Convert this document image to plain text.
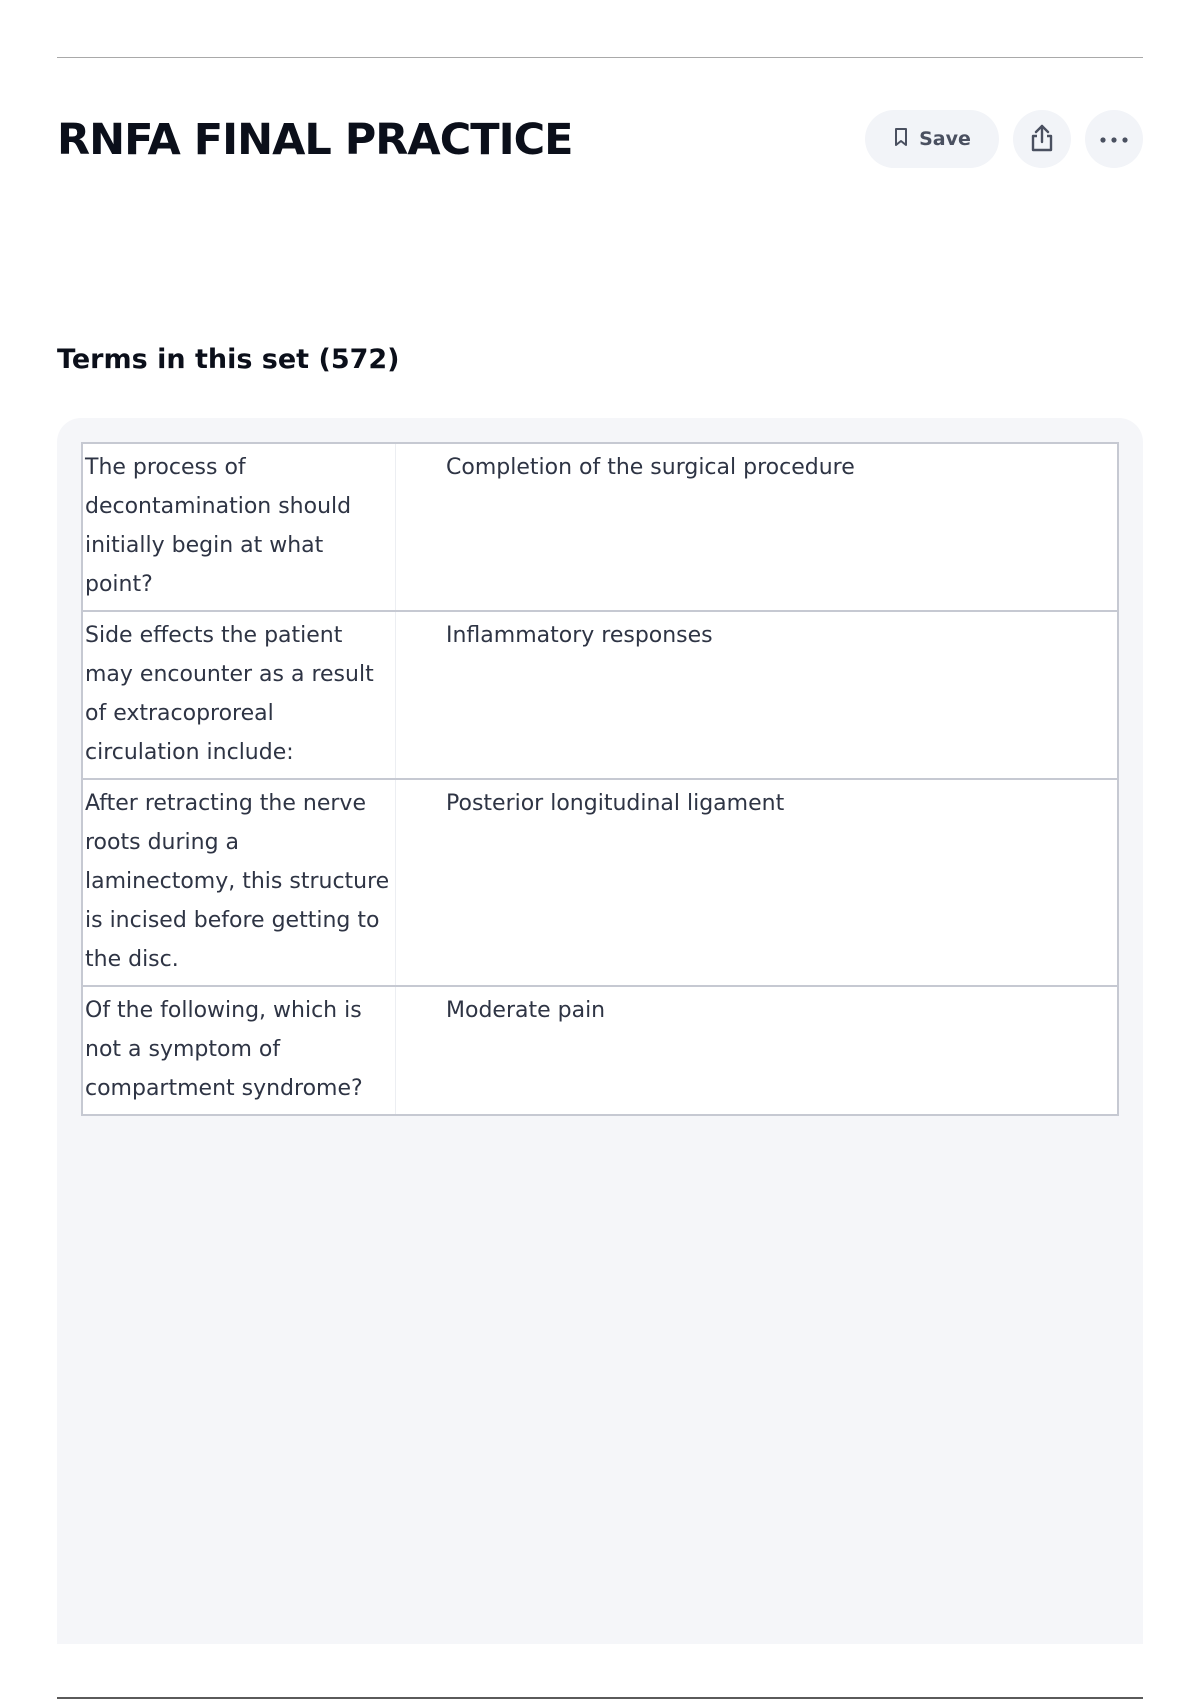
RNFA FINAL PRACTICE	Save
Terms in this set (572)
The process of decontamination should initially begin at what point?	Completion of the surgical procedure
Side effects the patient may encounter as a result of extracoproreal circulation include:	Inflammatory responses
After retracting the nerve roots during a laminectomy, this structure is incised before getting to the disc.	Posterior longitudinal ligament
Of the following, which is not a symptom of compartment syndrome?	Moderate pain
